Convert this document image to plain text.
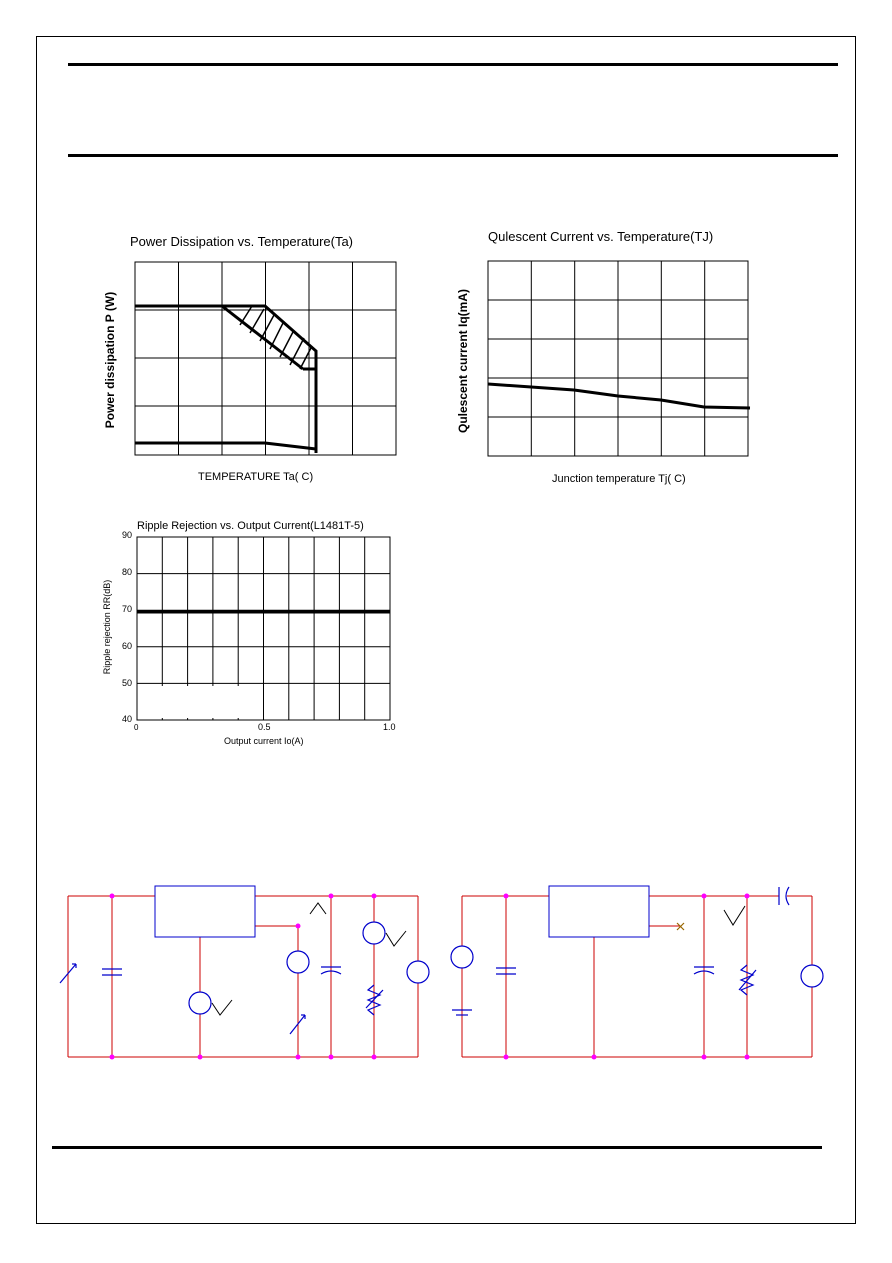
Power Dissipation vs. Temperature(Ta)
Power dissipation P (W)
TEMPERATURE Ta( C)
Qulescent Current vs. Temperature(TJ)
Qulescent current Iq(mA)
Junction temperature Tj( C)
Ripple Rejection vs. Output Current(L1481T-5)
Ripple rejection RR(dB)
Output current Io(A)
90
80
70
60
50
40
0	0.5	1.0
